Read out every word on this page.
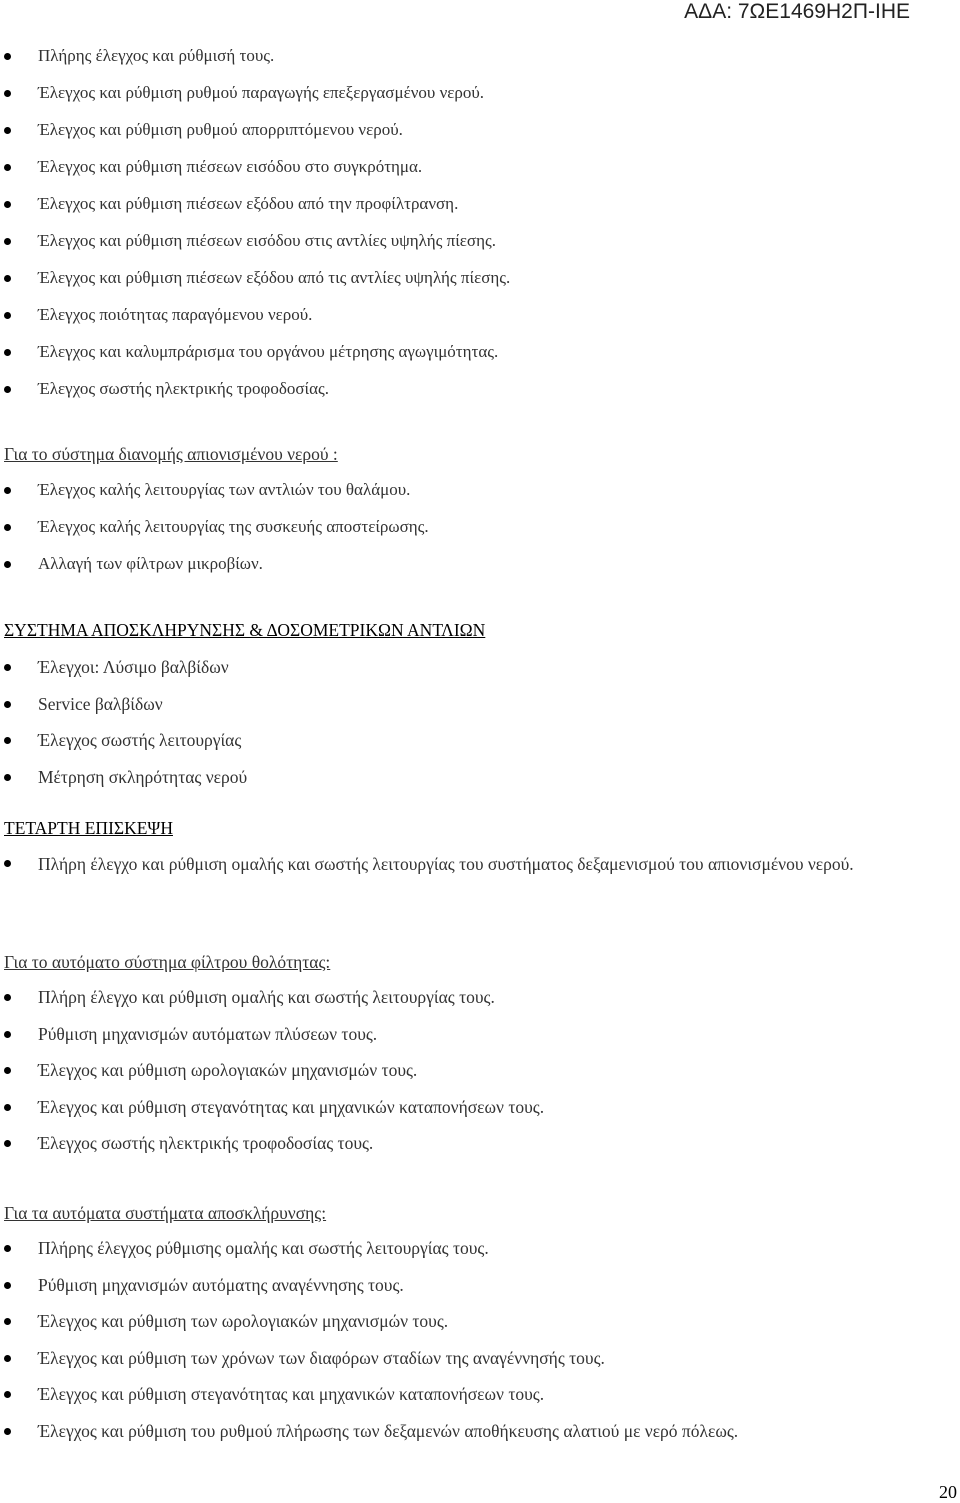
ΑΔΑ: 7ΩΕ1469Η2Π-ΙΗΕ
Πλήρης έλεγχος και ρύθμισή τους.
Έλεγχος και ρύθμιση ρυθμού παραγωγής επεξεργασμένου νερού.
Έλεγχος και ρύθμιση ρυθμού απορριπτόμενου νερού.
Έλεγχος και ρύθμιση πιέσεων εισόδου στο συγκρότημα.
Έλεγχος και ρύθμιση πιέσεων εξόδου από την προφίλτρανση.
Έλεγχος και ρύθμιση πιέσεων εισόδου στις αντλίες υψηλής πίεσης.
Έλεγχος και ρύθμιση πιέσεων εξόδου από τις αντλίες υψηλής πίεσης.
Έλεγχος ποιότητας παραγόμενου νερού.
Έλεγχος και καλυμπράρισμα του οργάνου μέτρησης αγωγιμότητας.
Έλεγχος σωστής ηλεκτρικής τροφοδοσίας.
Για το σύστημα διανομής απιονισμένου νερού :
Έλεγχος καλής λειτουργίας των αντλιών του θαλάμου.
Έλεγχος καλής λειτουργίας της συσκευής αποστείρωσης.
Αλλαγή των φίλτρων μικροβίων.
ΣΥΣΤΗΜΑ ΑΠΟΣΚΛΗΡΥΝΣΗΣ & ΔΟΣΟΜΕΤΡΙΚΩΝ ΑΝΤΛΙΩΝ
Έλεγχοι: Λύσιμο βαλβίδων
Service βαλβίδων
Έλεγχος σωστής λειτουργίας
Μέτρηση σκληρότητας νερού
ΤΕΤΑΡΤΗ ΕΠΙΣΚΕΨΗ
Πλήρη έλεγχο και ρύθμιση ομαλής και σωστής λειτουργίας του συστήματος δεξαμενισμού του απιονισμένου νερού.
Για το αυτόματο σύστημα φίλτρου θολότητας:
Πλήρη έλεγχο και ρύθμιση ομαλής και σωστής λειτουργίας τους.
Ρύθμιση μηχανισμών αυτόματων πλύσεων τους.
Έλεγχος και ρύθμιση ωρολογιακών μηχανισμών τους.
Έλεγχος και ρύθμιση στεγανότητας και μηχανικών καταπονήσεων τους.
Έλεγχος σωστής ηλεκτρικής τροφοδοσίας τους.
Για τα αυτόματα συστήματα αποσκλήρυνσης:
Πλήρης έλεγχος ρύθμισης ομαλής και σωστής λειτουργίας τους.
Ρύθμιση μηχανισμών αυτόματης αναγέννησης τους.
Έλεγχος και ρύθμιση των ωρολογιακών μηχανισμών τους.
Έλεγχος και ρύθμιση των χρόνων των διαφόρων σταδίων της αναγέννησής τους.
Έλεγχος και ρύθμιση στεγανότητας και μηχανικών καταπονήσεων τους.
Έλεγχος και ρύθμιση του ρυθμού πλήρωσης των δεξαμενών αποθήκευσης αλατιού με νερό πόλεως.
20
